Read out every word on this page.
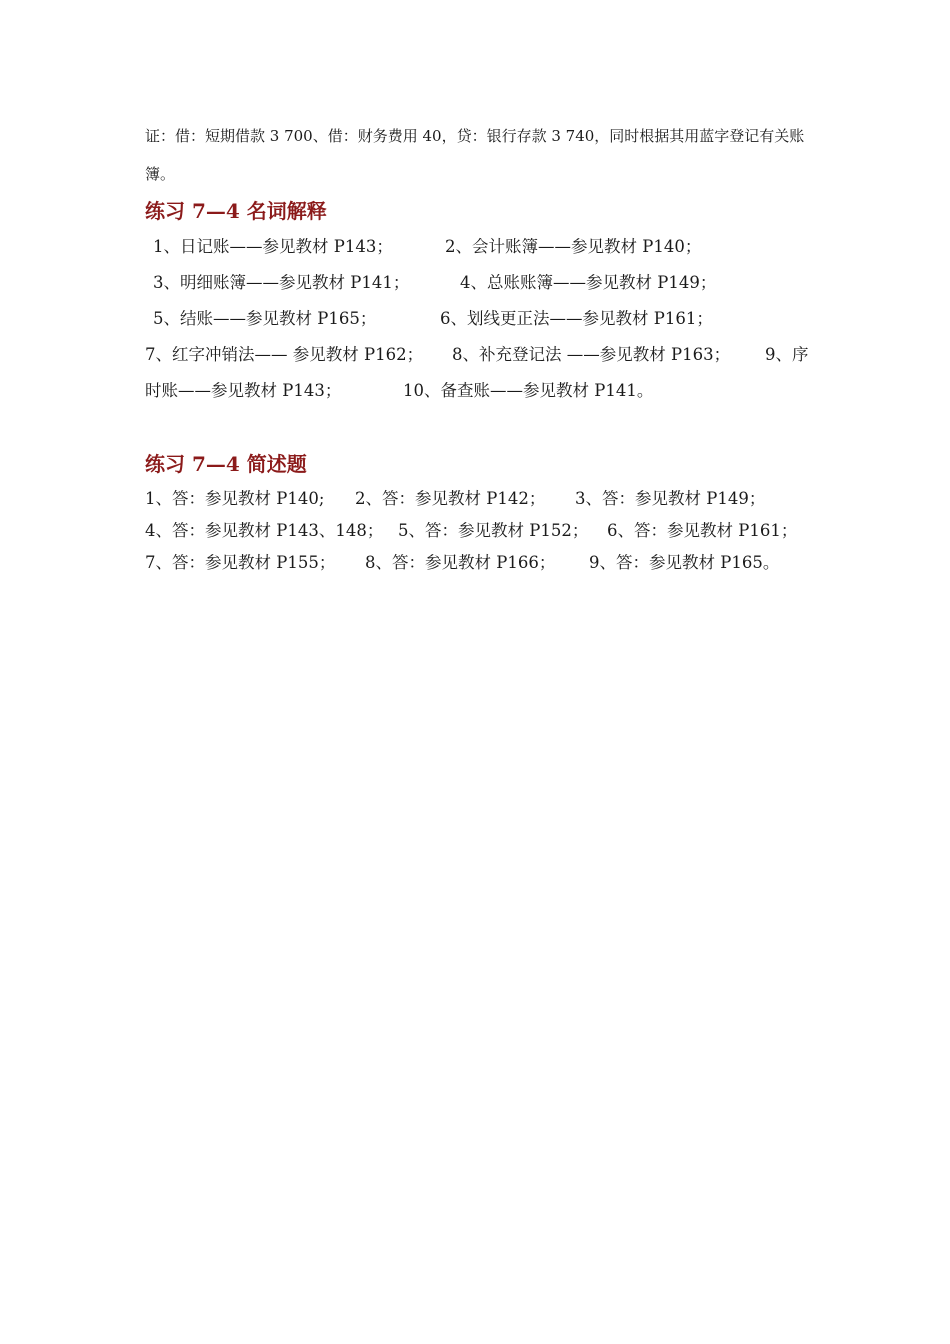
证：借：短期借款 3 700、借：财务费用 40，贷：银行存款 3 740，同时根据其用蓝字登记有关账
簿。
练习 7—4 名词解释
1、日记账——参见教材 P143；	2、会计账簿——参见教材 P140；
3、明细账簿——参见教材 P141；	4、总账账簿——参见教材 P149；
5、结账——参见教材 P165；	6、划线更正法——参见教材 P161；
7、红字冲销法—— 参见教材 P162； 8、补充登记法 ——参见教材 P163； 9、序
时账——参见教材 P143；	10、备查账——参见教材 P141。
练习 7—4 简述题
1、答：参见教材 P140; 2、答：参见教材 P142； 3、答：参见教材 P149；
4、答：参见教材 P143、148； 5、答：参见教材 P152； 6、答：参见教材 P161；
7、答：参见教材 P155； 8、答：参见教材 P166； 9、答：参见教材 P165。
